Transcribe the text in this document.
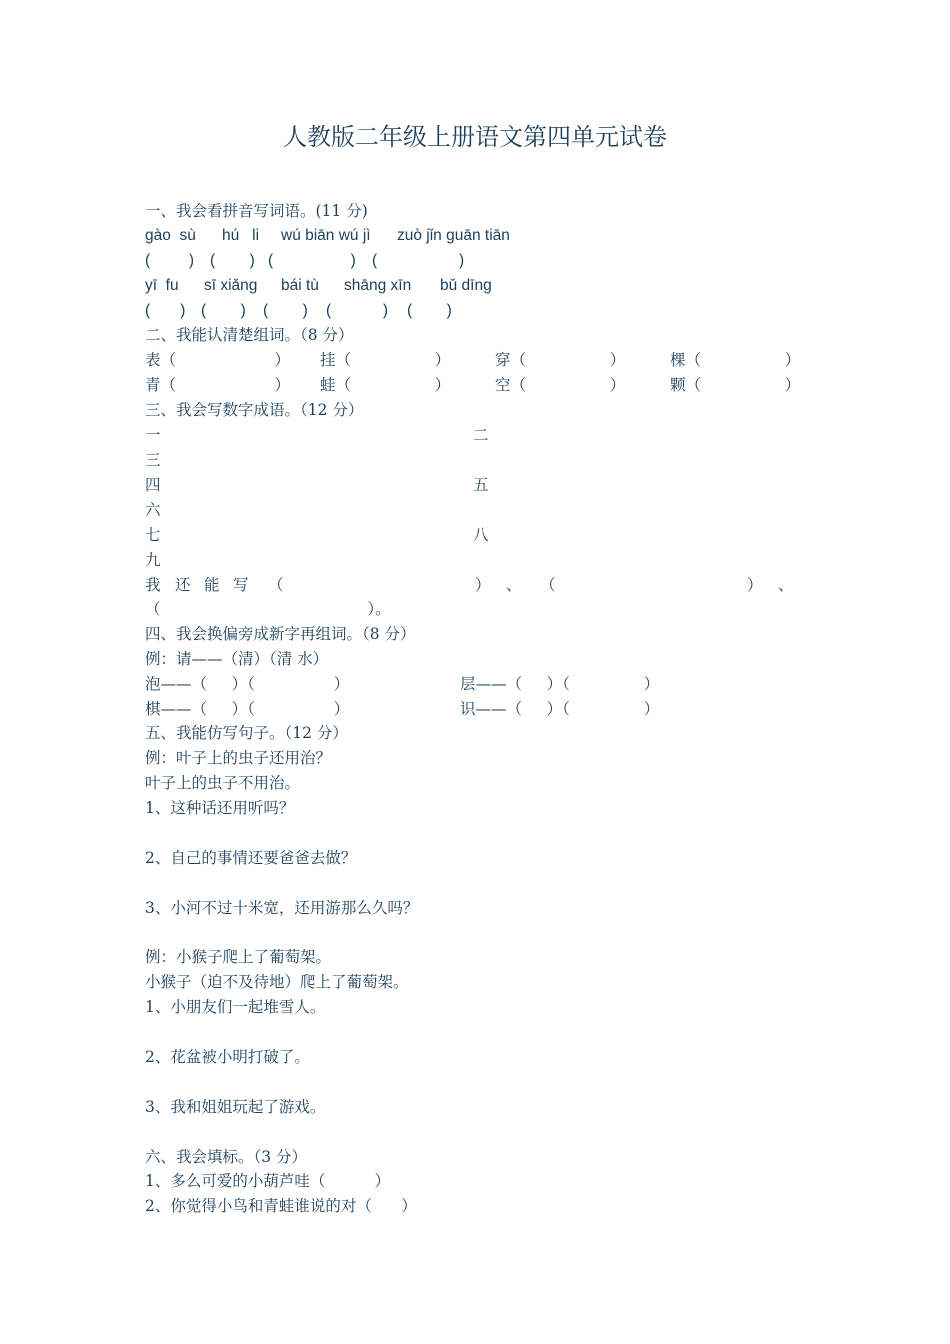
人教版二年级上册语文第四单元试卷
一、我会看拼音写词语。(11 分)
gào  sù hú   li wú biān wú jì zuò jǐn guān tiān
(         ) (        ) (                  ) (                   )
yī  fu sī xiǎng bái tù shāng xīn bǔ dīng
(       ) (        ) (        ) (            ) (        )
二、我能认清楚组词。（8 分）
表（                    ） 挂（                 ）	穿（                 ）	棵（                 ）
青（                    ） 蛙（                 ）	空（                 ）	颗（                 ）
三、我会写数字成语。（12 分）
一	二
三
四	五
六
七	八
九
我 还 能 写 （	） 、 （	） 、
（                                          ）。
四、我会换偏旁成新字再组词。（8 分）
例：请——（清）（清 水）
泡——（     ）（                ）	层——（     ）（               ）
棋——（     ）（                ）	识——（     ）（               ）
五、我能仿写句子。（12 分）
例：叶子上的虫子还用治？
叶子上的虫子不用治。
1、这种话还用听吗？
2、自己的事情还要爸爸去做？
3、小河不过十米宽，还用游那么久吗？
例：小猴子爬上了葡萄架。
小猴子（迫不及待地）爬上了葡萄架。
1、小朋友们一起堆雪人。
2、花盆被小明打破了。
3、我和姐姐玩起了游戏。
六、我会填标。（3 分）
1、多么可爱的小葫芦哇（          ）
2、你觉得小鸟和青蛙谁说的对（      ）
